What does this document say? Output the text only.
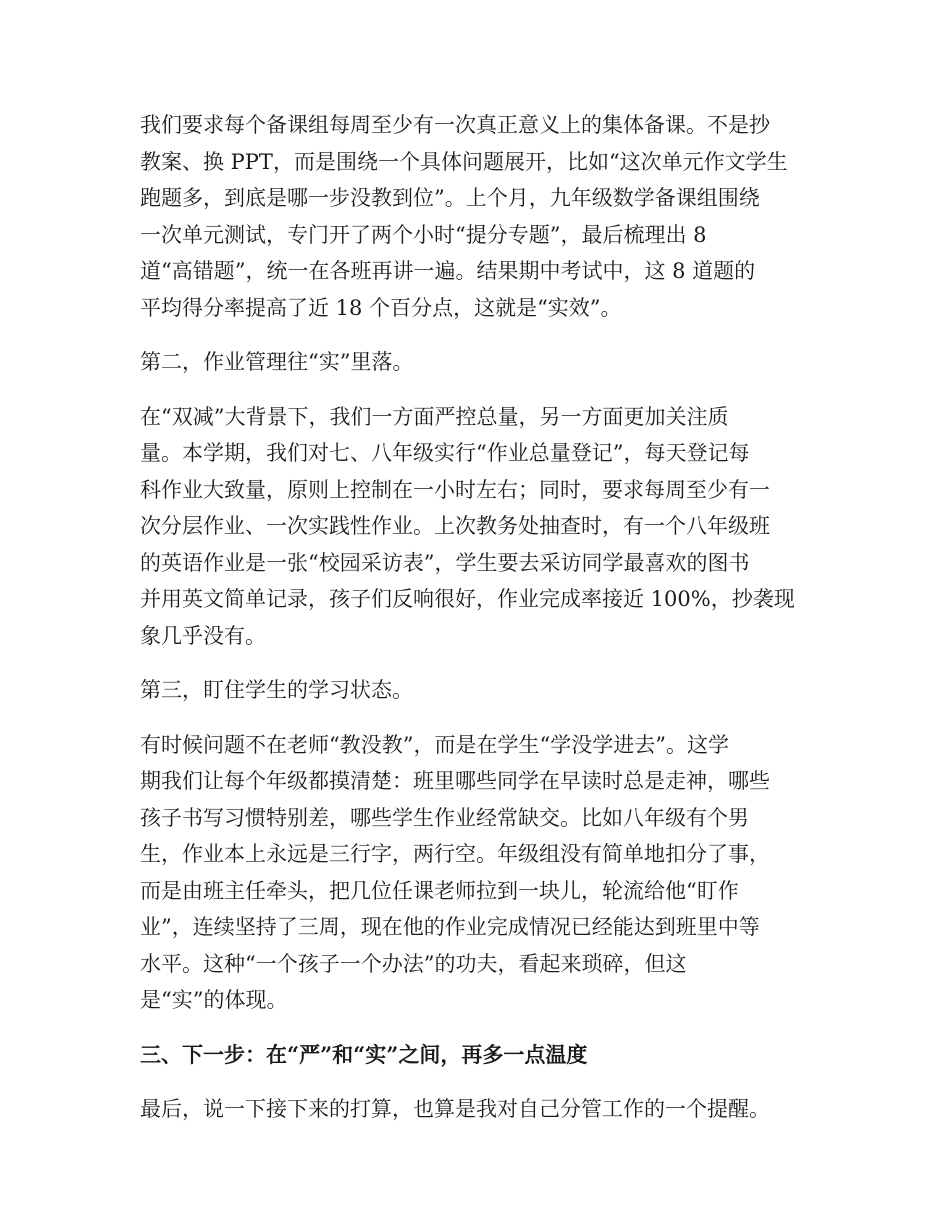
我们要求每个备课组每周至少有一次真正意义上的集体备课。不是抄
教案、换 PPT，而是围绕一个具体问题展开，比如“这次单元作文学生
跑题多，到底是哪一步没教到位”。上个月，九年级数学备课组围绕
一次单元测试，专门开了两个小时“提分专题”，最后梳理出 8
道“高错题”，统一在各班再讲一遍。结果期中考试中，这 8 道题的
平均得分率提高了近 18 个百分点，这就是“实效”。
第二，作业管理往“实”里落。
在“双减”大背景下，我们一方面严控总量，另一方面更加关注质
量。本学期，我们对七、八年级实行“作业总量登记”，每天登记每
科作业大致量，原则上控制在一小时左右；同时，要求每周至少有一
次分层作业、一次实践性作业。上次教务处抽查时，有一个八年级班
的英语作业是一张“校园采访表”，学生要去采访同学最喜欢的图书
并用英文简单记录，孩子们反响很好，作业完成率接近 100%，抄袭现
象几乎没有。
第三，盯住学生的学习状态。
有时候问题不在老师“教没教”，而是在学生“学没学进去”。这学
期我们让每个年级都摸清楚：班里哪些同学在早读时总是走神，哪些
孩子书写习惯特别差，哪些学生作业经常缺交。比如八年级有个男
生，作业本上永远是三行字，两行空。年级组没有简单地扣分了事，
而是由班主任牵头，把几位任课老师拉到一块儿，轮流给他“盯作
业”，连续坚持了三周，现在他的作业完成情况已经能达到班里中等
水平。这种“一个孩子一个办法”的功夫，看起来琐碎，但这
是“实”的体现。
三、下一步：在“严”和“实”之间，再多一点温度
最后，说一下接下来的打算，也算是我对自己分管工作的一个提醒。
